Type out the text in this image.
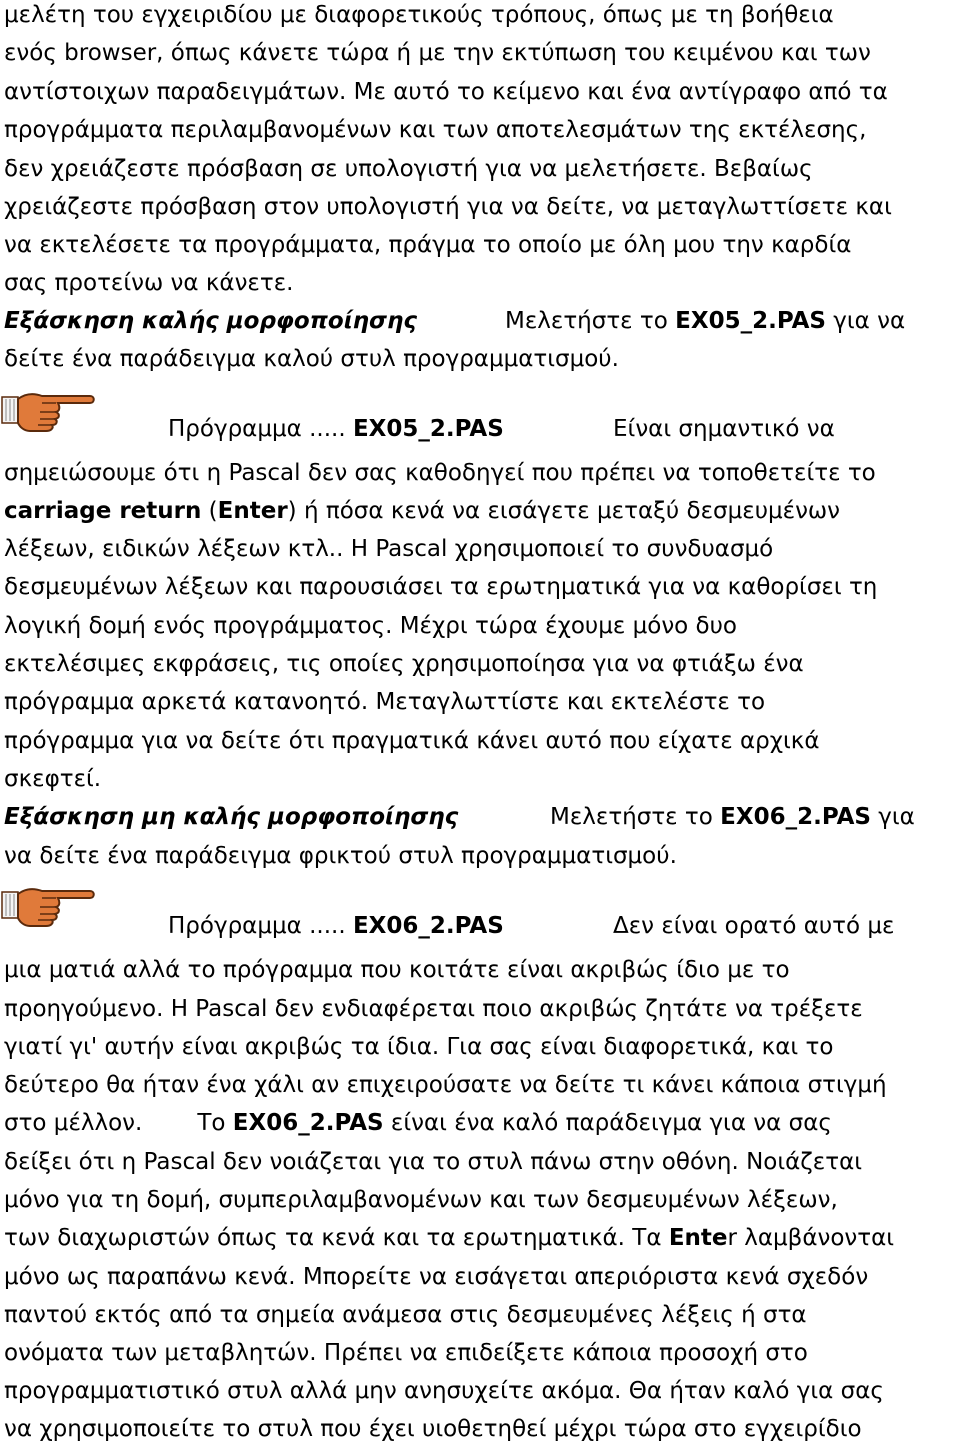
μελέτη του εγχειριδίου με διαφορετικούς τρόπους, όπως με τη βοήθεια
ενός browser, όπως κάνετε τώρα ή με την εκτύπωση του κειμένου και των
αντίστοιχων παραδειγμάτων. Με αυτό το κείμενο και ένα αντίγραφο από τα
προγράμματα περιλαμβανομένων και των αποτελεσμάτων της εκτέλεσης,
δεν χρειάζεστε πρόσβαση σε υπολογιστή για να μελετήσετε. Βεβαίως
χρειάζεστε πρόσβαση στον υπολογιστή για να δείτε, να μεταγλωττίσετε και
να εκτελέσετε τα προγράμματα, πράγμα το οποίο με όλη μου την καρδία
σας προτείνω να κάνετε.
Εξάσκηση καλής μορφοποίησης	Μελετήστε το EX05_2.PAS για να
δείτε ένα παράδειγμα καλού στυλ προγραμματισμού.
Πρόγραμμα ..... EX05_2.PAS	Είναι σημαντικό να
σημειώσουμε ότι η Pascal δεν σας καθοδηγεί που πρέπει να τοποθετείτε το
carriage return (Enter) ή πόσα κενά να εισάγετε μεταξύ δεσμευμένων
λέξεων, ειδικών λέξεων κτλ.. Η Pascal χρησιμοποιεί το συνδυασμό
δεσμευμένων λέξεων και παρουσιάσει τα ερωτηματικά για να καθορίσει τη
λογική δομή ενός προγράμματος. Μέχρι τώρα έχουμε μόνο δυο
εκτελέσιμες εκφράσεις, τις οποίες χρησιμοποίησα για να φτιάξω ένα
πρόγραμμα αρκετά κατανοητό. Μεταγλωττίστε και εκτελέστε το
πρόγραμμα για να δείτε ότι πραγματικά κάνει αυτό που είχατε αρχικά
σκεφτεί.
Εξάσκηση μη καλής μορφοποίησης	Μελετήστε το EX06_2.PAS για
να δείτε ένα παράδειγμα φρικτού στυλ προγραμματισμού.
Πρόγραμμα ..... EX06_2.PAS	Δεν είναι ορατό αυτό με
μια ματιά αλλά το πρόγραμμα που κοιτάτε είναι ακριβώς ίδιο με το
προηγούμενο. Η Pascal δεν ενδιαφέρεται ποιο ακριβώς ζητάτε να τρέξετε
γιατί γι' αυτήν είναι ακριβώς τα ίδια. Για σας είναι διαφορετικά, και το
δεύτερο θα ήταν ένα χάλι αν επιχειρούσατε να δείτε τι κάνει κάποια στιγμή
στο μέλλον. Το EX06_2.PAS είναι ένα καλό παράδειγμα για να σας
δείξει ότι η Pascal δεν νοιάζεται για το στυλ πάνω στην οθόνη. Νοιάζεται
μόνο για τη δομή, συμπεριλαμβανομένων και των δεσμευμένων λέξεων,
των διαχωριστών όπως τα κενά και τα ερωτηματικά. Τα Enter λαμβάνονται
μόνο ως παραπάνω κενά. Μπορείτε να εισάγεται απεριόριστα κενά σχεδόν
παντού εκτός από τα σημεία ανάμεσα στις δεσμευμένες λέξεις ή στα
ονόματα των μεταβλητών. Πρέπει να επιδείξετε κάποια προσοχή στο
προγραμματιστικό στυλ αλλά μην ανησυχείτε ακόμα. Θα ήταν καλό για σας
να χρησιμοποιείτε το στυλ που έχει υιοθετηθεί μέχρι τώρα στο εγχειρίδιο
